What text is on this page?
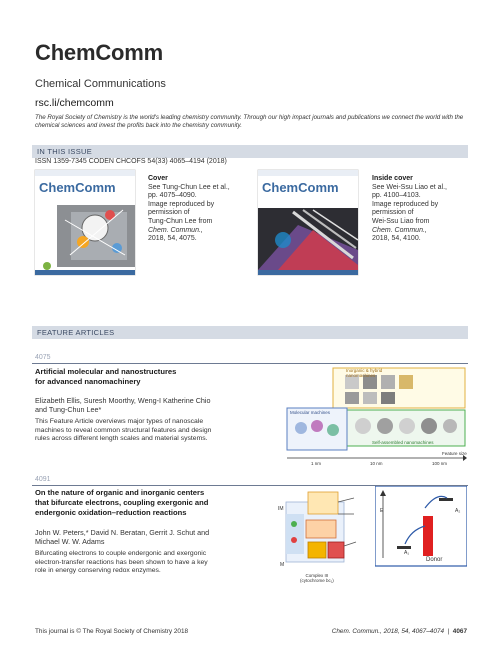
ChemComm
Chemical Communications
rsc.li/chemcomm
The Royal Society of Chemistry is the world's leading chemistry community. Through our high impact journals and publications we connect the world with the chemical sciences and invest the profits back into the chemistry community.
IN THIS ISSUE
ISSN 1359-7345 CODEN CHCOFS 54(33) 4065–4194 (2018)
ChemComm
Cover
See Tung-Chun Lee et al.,
pp. 4075–4090.
Image reproduced by
permission of
Tung-Chun Lee from
Chem. Commun.,
2018, 54, 4075.
ChemComm
Inside cover
See Wei-Ssu Liao et al.,
pp. 4100–4103.
Image reproduced by
permission of
Wei-Ssu Liao from
Chem. Commun.,
2018, 54, 4100.
FEATURE ARTICLES
4075
Artificial molecular and nanostructures
for advanced nanomachinery
Elizabeth Ellis, Suresh Moorthy, Weng-I Katherine Chio
and Tung-Chun Lee*
This Feature Article overviews major types of nanoscale
machines to reveal common structural features and design
rules across different length scales and material systems.
Inorganic & hybrid
nanomachines
Molecular machines
Self-assembled nanomachines
Feature size
1 nm	10 nm	100 nm
4091
On the nature of organic and inorganic centers
that bifurcate electrons, coupling exergonic and
endergonic oxidation–reduction reactions
John W. Peters,* David N. Beratan, Gerrit J. Schut and
Michael W. W. Adams
Bifurcating electrons to couple endergonic and exergonic
electron-transfer reactions has been shown to have a key
role in energy conserving redox enzymes.
IM
M
Complex III
(cytochrome bc₁)
E
A₁
A₂
Donor
This journal is © The Royal Society of Chemistry 2018	Chem. Commun., 2018, 54, 4067–4074  |  4067
